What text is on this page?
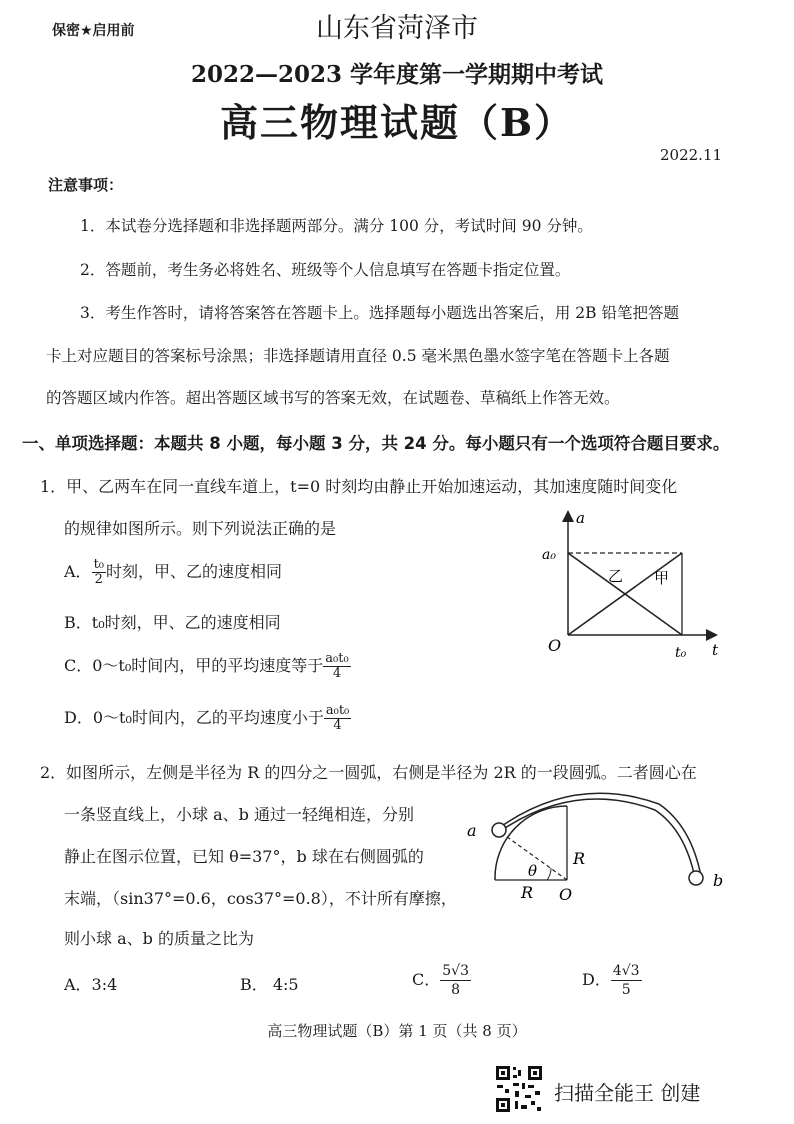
保密★启用前	山东省菏泽市
2022—2023 学年度第一学期期中考试
高三物理试题（B）
2022.11
注意事项：
1．本试卷分选择题和非选择题两部分。满分 100 分，考试时间 90 分钟。
2．答题前，考生务必将姓名、班级等个人信息填写在答题卡指定位置。
3．考生作答时，请将答案答在答题卡上。选择题每小题选出答案后，用 2B 铅笔把答题
卡上对应题目的答案标号涂黑；非选择题请用直径 0.5 毫米黑色墨水签字笔在答题卡上各题
的答题区域内作答。超出答题区域书写的答案无效，在试题卷、草稿纸上作答无效。
一、单项选择题：本题共 8 小题，每小题 3 分，共 24 分。每小题只有一个选项符合题目要求。
1．甲、乙两车在同一直线车道上，t=0 时刻均由静止开始加速运动，其加速度随时间变化
的规律如图所示。则下列说法正确的是
A． $\frac{\text{t₀}}{2}$ 时刻，甲、乙的速度相同
B．t₀时刻，甲、乙的速度相同
C．0～t₀时间内，甲的平均速度等于 $\frac{\text{a₀t₀}}{4}$
D．0～t₀时间内，乙的平均速度小于 $\frac{\text{a₀t₀}}{4}$
a
a₀
乙 甲
O	t₀ t
2．如图所示，左侧是半径为 R 的四分之一圆弧，右侧是半径为 2R 的一段圆弧。二者圆心在
一条竖直线上，小球 a、b 通过一轻绳相连，分别
静止在图示位置，已知 θ=37°，b 球在右侧圆弧的
末端，（sin37°=0.6，cos37°=0.8），不计所有摩擦，
则小球 a、b 的质量之比为
a
b
R
R
θ
O
A．3:4	B． 4:5	C． $\frac{5√3}{8}$	D． $\frac{4√3}{5}$
高三物理试题（B）第 1 页（共 8 页）
扫描全能王 创建
